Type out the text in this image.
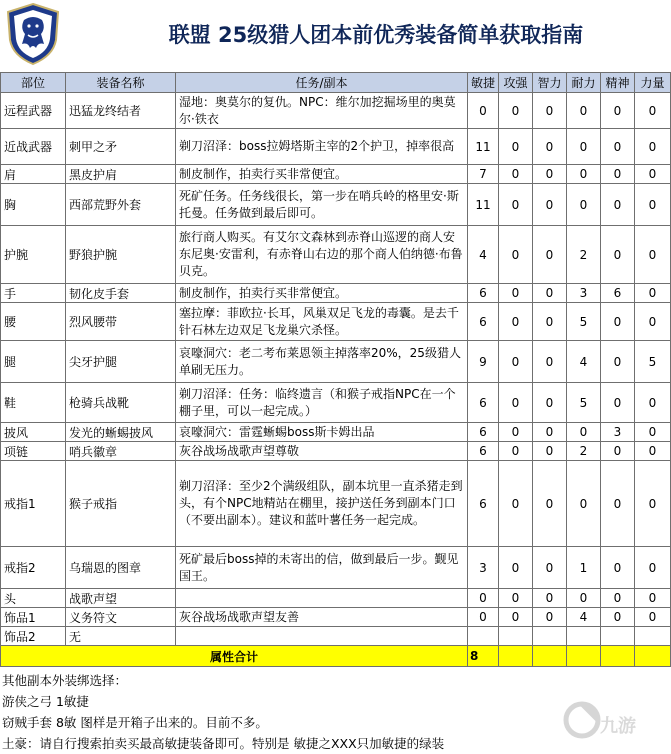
联盟 25级猎人团本前优秀装备简单获取指南
部位	装备名称	任务/副本	敏捷	攻强	智力	耐力	精神	力量
远程武器	迅猛龙终结者	湿地：奥莫尔的复仇。NPC：维尔加挖掘场里的奥莫尔·铁衣	0	0	0	0	0	0
近战武器	刺甲之矛	剃刀沼泽：boss拉姆塔斯主宰的2个护卫，掉率很高	11	0	0	0	0	0
肩	黑皮护肩	制皮制作，拍卖行买非常便宜。	7	0	0	0	0	0
胸	西部荒野外套	死矿任务。任务线很长，第一步在哨兵岭的格里安·斯托曼。任务做到最后即可。	11	0	0	0	0	0
护腕	野狼护腕	旅行商人购买。有艾尔文森林到赤脊山巡逻的商人安东尼奥·安雷利，有赤脊山右边的那个商人伯纳德·布鲁贝克。	4	0	0	2	0	0
手	韧化皮手套	制皮制作，拍卖行买非常便宜。	6	0	0	3	6	0
腰	烈风腰带	塞拉摩：菲欧拉·长耳，风巢双足飞龙的毒囊。是去千针石林左边双足飞龙巢穴杀怪。	6	0	0	5	0	0
腿	尖牙护腿	哀嚎洞穴：老二考布莱恩领主掉落率20%，25级猎人单刷无压力。	9	0	0	4	0	5
鞋	枪骑兵战靴	剃刀沼泽：任务：临终遗言（和猴子戒指NPC在一个棚子里，可以一起完成。）	6	0	0	5	0	0
披风	发光的蜥蜴披风	哀嚎洞穴：雷霆蜥蜴boss斯卡姆出品	6	0	0	0	3	0
项链	哨兵徽章	灰谷战场战歌声望尊敬	6	0	0	2	0	0
戒指1	猴子戒指	剃刀沼泽：至少2个满级组队，副本坑里一直杀猪走到头，有个NPC地精站在棚里，接护送任务到副本门口（不要出副本）。建议和蓝叶薯任务一起完成。	6	0	0	0	0	0
戒指2	乌瑞恩的图章	死矿最后boss掉的未寄出的信，做到最后一步。觐见国王。	3	0	0	1	0	0
头	战歌声望		0	0	0	0	0	0
饰品1	义务符文	灰谷战场战歌声望友善	0	0	0	4	0	0
饰品2	无							
属性合计			8					
其他副本外装绑选择：
游侠之弓 1敏捷
窃贼手套 8敏 图样是开箱子出来的。目前不多。
土豪：请自行搜索拍卖买最高敏捷装备即可。特别是 敏捷之XXX只加敏捷的绿装
九游
